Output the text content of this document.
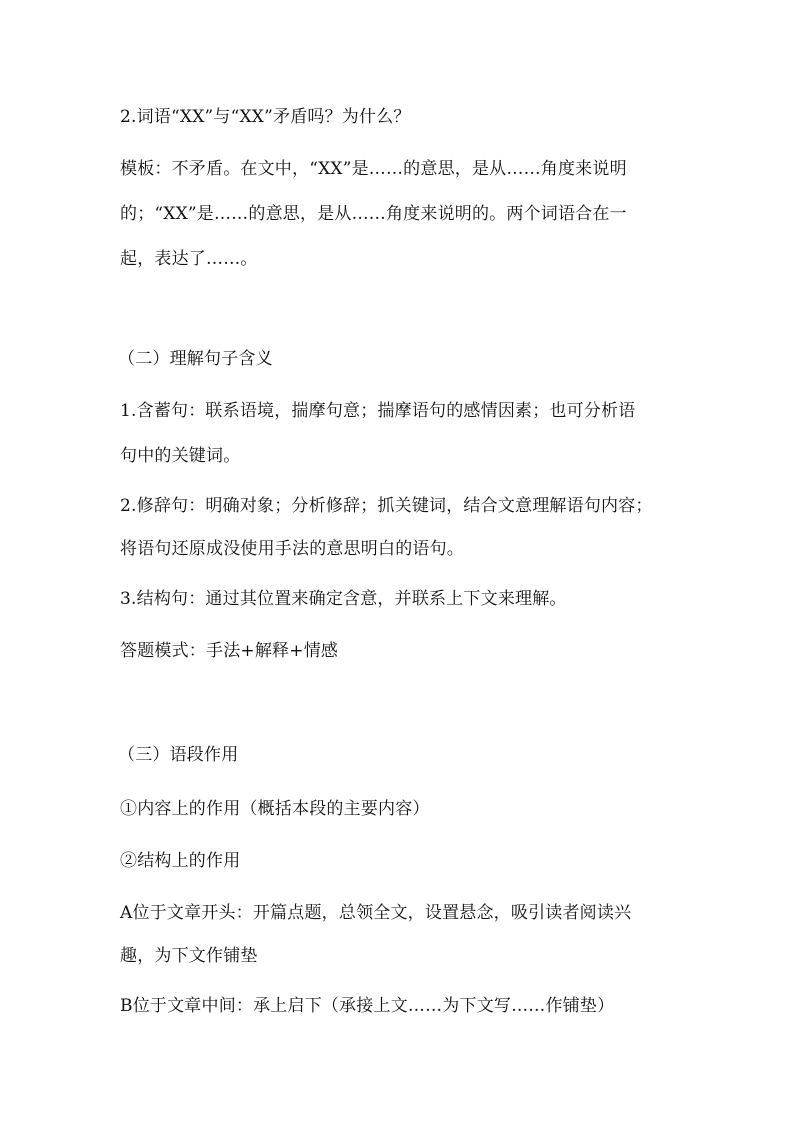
2.词语“XX”与“XX”矛盾吗？为什么？
模板：不矛盾。在文中，“XX”是……的意思，是从……角度来说明
的；“XX”是……的意思，是从……角度来说明的。两个词语合在一
起，表达了……。
（二）理解句子含义
1.含蓄句：联系语境，揣摩句意；揣摩语句的感情因素；也可分析语
句中的关键词。
2.修辞句：明确对象；分析修辞；抓关键词，结合文意理解语句内容；
将语句还原成没使用手法的意思明白的语句。
3.结构句：通过其位置来确定含意，并联系上下文来理解。
答题模式：手法+解释+情感
（三）语段作用
①内容上的作用（概括本段的主要内容）
②结构上的作用
A位于文章开头：开篇点题，总领全文，设置悬念，吸引读者阅读兴
趣，为下文作铺垫
B位于文章中间：承上启下（承接上文……为下文写……作铺垫）
